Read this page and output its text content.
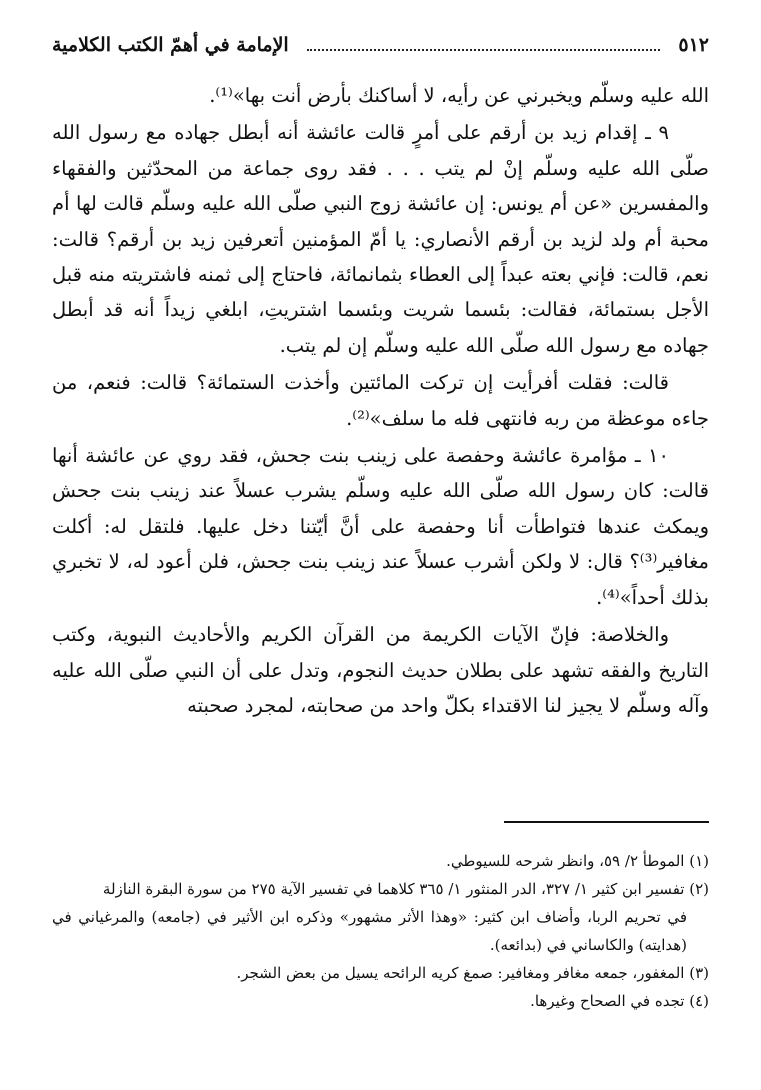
٥١٢
الإمامة في أهمّ الكتب الكلامية

الله عليه وسلّم ويخبرني عن رأيه، لا أساكنك بأرض أنت بها»⁽¹⁾.

٩ ـ إقدام زيد بن أرقم على أمرٍ قالت عائشة أنه أبطل جهاده مع رسول الله صلّى الله عليه وسلّم إنْ لم يتب . . . فقد روى جماعة من المحدّثين والفقهاء والمفسرين «عن أم يونس: إن عائشة زوج النبي صلّى الله عليه وسلّم قالت لها أم محبة أم ولد لزيد بن أرقم الأنصاري: يا أمّ المؤمنين أتعرفين زيد بن أرقم؟ قالت: نعم، قالت: فإني بعته عبداً إلى العطاء بثمانمائة، فاحتاج إلى ثمنه فاشتريته منه قبل الأجل بستمائة، فقالت: بئسما شريت وبئسما اشتريتِ، ابلغي زيداً أنه قد أبطل جهاده مع رسول الله صلّى الله عليه وسلّم إن لم يتب.

قالت: فقلت أفرأيت إن تركت المائتين وأخذت الستمائة؟ قالت: فنعم، من جاءه موعظة من ربه فانتهى فله ما سلف»⁽²⁾.

١٠ ـ مؤامرة عائشة وحفصة على زينب بنت جحش، فقد روي عن عائشة أنها قالت: كان رسول الله صلّى الله عليه وسلّم يشرب عسلاً عند زينب بنت جحش ويمكث عندها فتواطأت أنا وحفصة على أنَّ أيّتنا دخل عليها. فلتقل له: أكلت مغافير⁽³⁾؟ قال: لا ولكن أشرب عسلاً عند زينب بنت جحش، فلن أعود له، لا تخبري بذلك أحداً»⁽⁴⁾.

والخلاصة: فإنّ الآيات الكريمة من القرآن الكريم والأحاديث النبوية، وكتب التاريخ والفقه تشهد على بطلان حديث النجوم، وتدل على أن النبي صلّى الله عليه وآله وسلّم لا يجيز لنا الاقتداء بكلّ واحد من صحابته، لمجرد صحبته

(١) الموطأ ٢/ ٥٩، وانظر شرحه للسيوطي.

(٢) تفسير ابن كثير ١/ ٣٢٧، الدر المنثور ١/ ٣٦٥ كلاهما في تفسير الآية ٢٧٥ من سورة البقرة النازلة

في تحريم الربا، وأضاف ابن كثير: «وهذا الأثر مشهور» وذكره ابن الأثير في (جامعه) والمرغياني في (هدايته) والكاساني في (بدائعه).

(٣) المغفور، جمعه مغافر ومغافير: صمغ كريه الرائحه يسيل من بعض الشجر.

(٤) تجده في الصحاح وغيرها.
